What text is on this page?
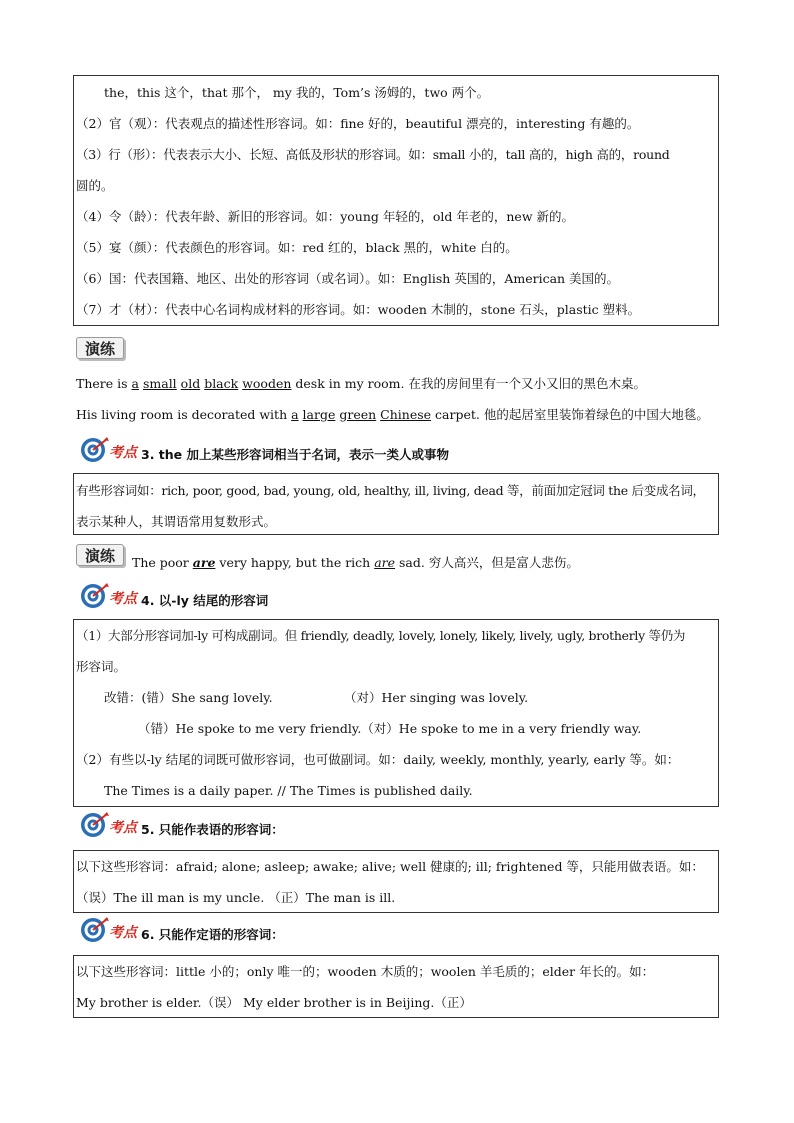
the，this 这个，that 那个， my 我的，Tom’s 汤姆的，two 两个。
（2）官（观）：代表观点的描述性形容词。如：fine 好的，beautiful 漂亮的，interesting 有趣的。
（3）行（形）：代表表示大小、长短、高低及形状的形容词。如：small 小的，tall 高的，high 高的，round
圆的。
（4）令（龄）：代表年龄、新旧的形容词。如：young 年轻的，old 年老的，new 新的。
（5）宴（颜）：代表颜色的形容词。如：red 红的，black 黑的，white 白的。
（6）国：代表国籍、地区、出处的形容词（或名词）。如：English 英国的，American 美国的。
（7）才（材）：代表中心名词构成材料的形容词。如：wooden 木制的，stone 石头，plastic 塑料。
演练
There is a small old black wooden desk in my room. 在我的房间里有一个又小又旧的黑色木桌。
His living room is decorated with a large green Chinese carpet. 他的起居室里装饰着绿色的中国大地毯。
考点 3. the 加上某些形容词相当于名词，表示一类人或事物
有些形容词如：rich, poor, good, bad, young, old, healthy, ill, living, dead 等，前面加定冠词 the 后变成名词，
表示某种人，其谓语常用复数形式。
演练	The poor are very happy, but the rich are sad. 穷人高兴，但是富人悲伤。
考点 4. 以-ly 结尾的形容词
（1）大部分形容词加-ly 可构成副词。但 friendly, deadly, lovely, lonely, likely, lively, ugly, brotherly 等仍为
形容词。
改错：(错）She sang lovely.	（对）Her singing was lovely.
（错）He spoke to me very friendly.（对）He spoke to me in a very friendly way.
（2）有些以-ly 结尾的词既可做形容词，也可做副词。如：daily, weekly, monthly, yearly, early 等。如：
The Times is a daily paper. // The Times is published daily.
考点 5. 只能作表语的形容词：
以下这些形容词：afraid; alone; asleep; awake; alive; well 健康的; ill; frightened 等，只能用做表语。如：
（误）The ill man is my uncle. （正）The man is ill.
考点 6. 只能作定语的形容词：
以下这些形容词：little 小的；only 唯一的；wooden 木质的；woolen 羊毛质的；elder 年长的。如：
My brother is elder.（误） My elder brother is in Beijing.（正）
